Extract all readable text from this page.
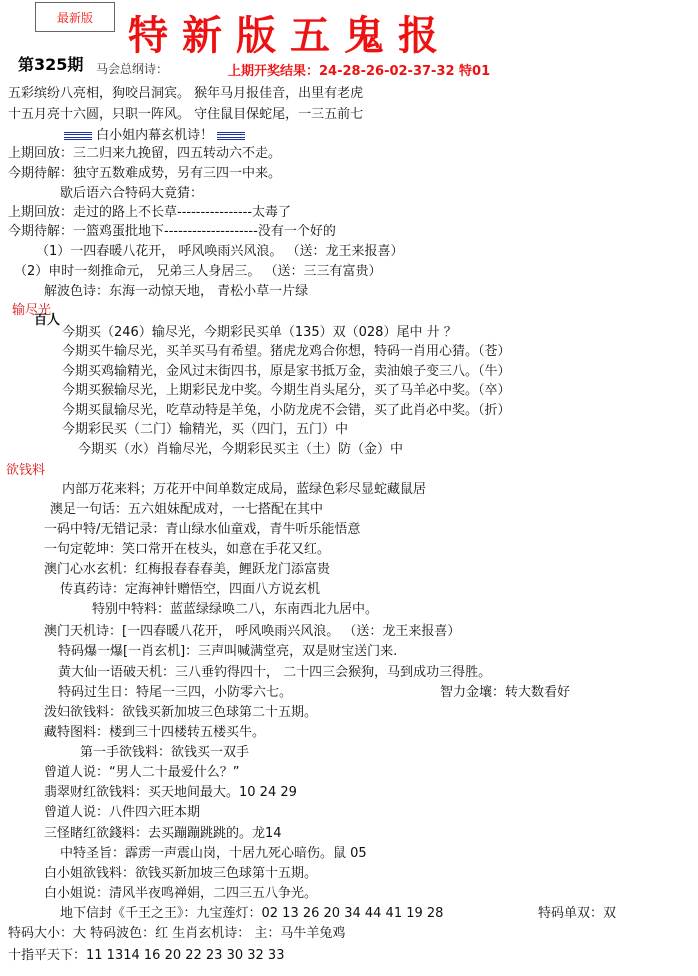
最新版 特新版五鬼报
第325期 马会总纲诗：	上期开奖结果：24-28-26-02-37-32 特01
五彩缤纷八亮相，狗咬吕洞宾。 猴年马月报佳音，出里有老虎
十五月亮十六圆，只职一阵风。 守住鼠目保蛇尾，一三五前七
白小姐内幕玄机诗！
上期回放：三二归来九挽留，四五转动六不走。
今期待解：独守五数难成势，另有三四一中来。
歇后语六合特码大竟猜：
上期回放：走过的路上不长草----------------太毒了
今期待解：一篮鸡蛋批地下--------------------没有一个好的
（1）一四春暖八花开， 呼风唤雨兴风浪。 （送：龙王来报喜）
（2）申时一刻推命元， 兄弟三人身居三。 （送：三三有富贵）
解波色诗：东海一动惊天地， 青松小草一片绿
输尽光
百人
今期买（246）输尽光，今期彩民买单（135）双（028）尾中 廾 ？
今期买牛输尽光，买羊买马有希望。猪虎龙鸡合你想，特码一肖用心猜。（苍）
今期买鸡输精光，金风过末街四书，原是家书抵万金，卖油娘子变三八。（牛）
今期买猴输尽光，上期彩民龙中奖。今期生肖头尾分，买了马羊必中奖。（卒）
今期买鼠输尽光，吃草动特是羊兔，小防龙虎不会错，买了此肖必中奖。（折）
今期彩民买（二门）输精光，买（四门，五门）中
今期买（水）肖输尽光，今期彩民买主（土）防（金）中
欲钱料
内部万花来料；万花开中间单数定成局，蓝绿色彩尽显蛇藏鼠居
澳足一句话：五六姐妹配成对，一七搭配在其中
一码中特/无错记录：青山绿水仙童戏，青牛听乐能悟意
一句定乾坤：笑口常开在枝头，如意在手花又红。
澳门心水玄机：红梅报春春春美，鲤跃龙门添富贵
传真药诗：定海神针赠悟空，四面八方说玄机
特别中特料：蓝蓝绿绿唤二八，东南西北九居中。
澳门天机诗：[一四春暖八花开， 呼风唤雨兴风浪。 （送：龙王来报喜）
特码爆一爆[一肖玄机]：三声叫喊满堂亮，双是财宝送门来.
黄大仙一语破天机：三八垂钓得四十， 二十四三会猴狗，马到成功三得胜。
特码过生日：特尾一三四，小防零六七。	智力金壤：转大数看好
泼妇欲钱料：欲钱买新加坡三色球第二十五期。
藏特图料：楼到三十四楼转五楼买牛。
第一手欲钱料：欲钱买一双手
曾道人说：“男人二十最爱什么？”
翡翠财红欲钱料：买天地间最大。10 24 29
曾道人说：八件四六旺本期
三怪睹红欲錢料：去买蹦蹦跳跳的。龙14
中特圣旨：霹雳一声震山岗，十居九死心暗伤。鼠 05
白小姐欲钱料：欲钱买新加坡三色球第十五期。
白小姐说：清风半夜鸣禅娟，二四三五八争光。
地下信封《千王之王》：九宝莲灯：02 13 26 20 34 44 41 19 28	特码单双：双
特码大小：大 特码波色：红 生肖玄机诗： 主：马牛羊兔鸡
十指平天下：11 1314 16 20 22 23 30 32 33
